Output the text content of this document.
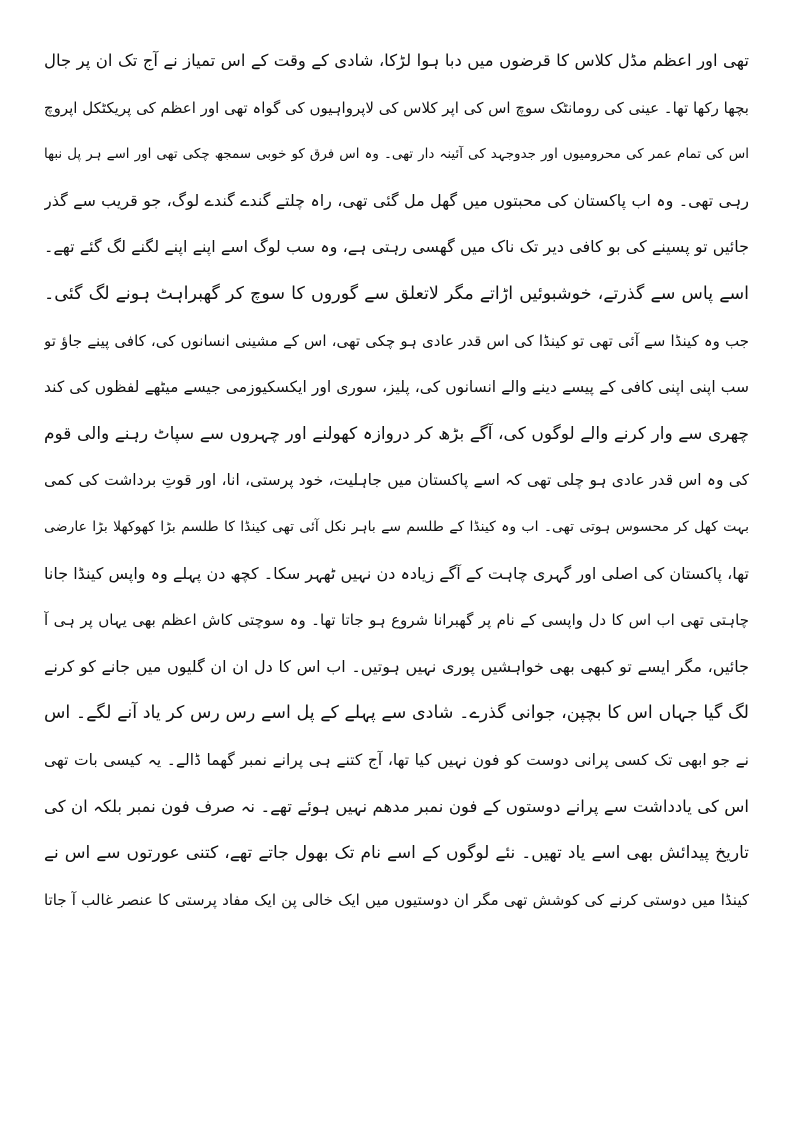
تھی اور اعظم مڈل کلاس کا قرضوں میں دبا ہوا لڑکا، شادی کے وقت کے اس تمیاز نے آج تک ان پر جال
بچھا رکھا تھا۔ عینی کی رومانٹک سوچ اس کی اپر کلاس کی لاپرواہیوں کی گواہ تھی اور اعظم کی پریکٹکل اپروچ
اس کی تمام عمر کی محرومیوں اور جدوجہد کی آئینہ دار تھی۔ وہ اس فرق کو خوبی سمجھ چکی تھی اور اسے ہر پل نبھا
رہی تھی۔ وہ اب پاکستان کی محبتوں میں گھل مل گئی تھی، راہ چلتے گندے گندے لوگ، جو قریب سے گذر
جائیں تو پسینے کی بو کافی دیر تک ناک میں گھسی رہتی ہے، وہ سب لوگ اسے اپنے اپنے لگنے لگ گئے تھے۔
اسے پاس سے گذرتے، خوشبوئیں اڑاتے مگر لاتعلق سے گوروں کا سوچ کر گھبراہٹ ہونے لگ گئی۔
جب وہ کینڈا سے آئی تھی تو کینڈا کی اس قدر عادی ہو چکی تھی، اس کے مشینی انسانوں کی، کافی پینے جاؤ تو
سب اپنی اپنی کافی کے پیسے دینے والے انسانوں کی، پلیز، سوری اور ایکسکیوزمی جیسے میٹھے لفظوں کی کند
چھری سے وار کرنے والے لوگوں کی، آگے بڑھ کر دروازہ کھولنے اور چہروں سے سپاٹ رہنے والی قوم
کی وہ اس قدر عادی ہو چلی تھی کہ اسے پاکستان میں جاہلیت، خود پرستی، انا، اور قوتِ برداشت کی کمی
بہت کھل کر محسوس ہوتی تھی۔ اب وہ کینڈا کے طلسم سے باہر نکل آئی تھی کینڈا کا طلسم بڑا کھوکھلا بڑا عارضی
تھا، پاکستان کی اصلی اور گہری چاہت کے آگے زیادہ دن نہیں ٹھہر سکا۔ کچھ دن پہلے وہ واپس کینڈا جانا
چاہتی تھی اب اس کا دل واپسی کے نام پر گھبرانا شروع ہو جاتا تھا۔ وہ سوچتی کاش اعظم بھی یہاں پر ہی آ
جائیں، مگر ایسے تو کبھی بھی خواہشیں پوری نہیں ہوتیں۔ اب اس کا دل ان ان گلیوں میں جانے کو کرنے
لگ گیا جہاں اس کا بچپن، جوانی گذرے۔ شادی سے پہلے کے پل اسے رس رس کر یاد آنے لگے۔ اس
نے جو ابھی تک کسی پرانی دوست کو فون نہیں کیا تھا، آج کتنے ہی پرانے نمبر گھما ڈالے۔ یہ کیسی بات تھی
اس کی یادداشت سے پرانے دوستوں کے فون نمبر مدھم نہیں ہوئے تھے۔ نہ صرف فون نمبر بلکہ ان کی
تاریخ پیدائش بھی اسے یاد تھیں۔ نئے لوگوں کے اسے نام تک بھول جاتے تھے، کتنی عورتوں سے اس نے
کینڈا میں دوستی کرنے کی کوشش تھی مگر ان دوستیوں میں ایک خالی پن ایک مفاد پرستی کا عنصر غالب آ جاتا
